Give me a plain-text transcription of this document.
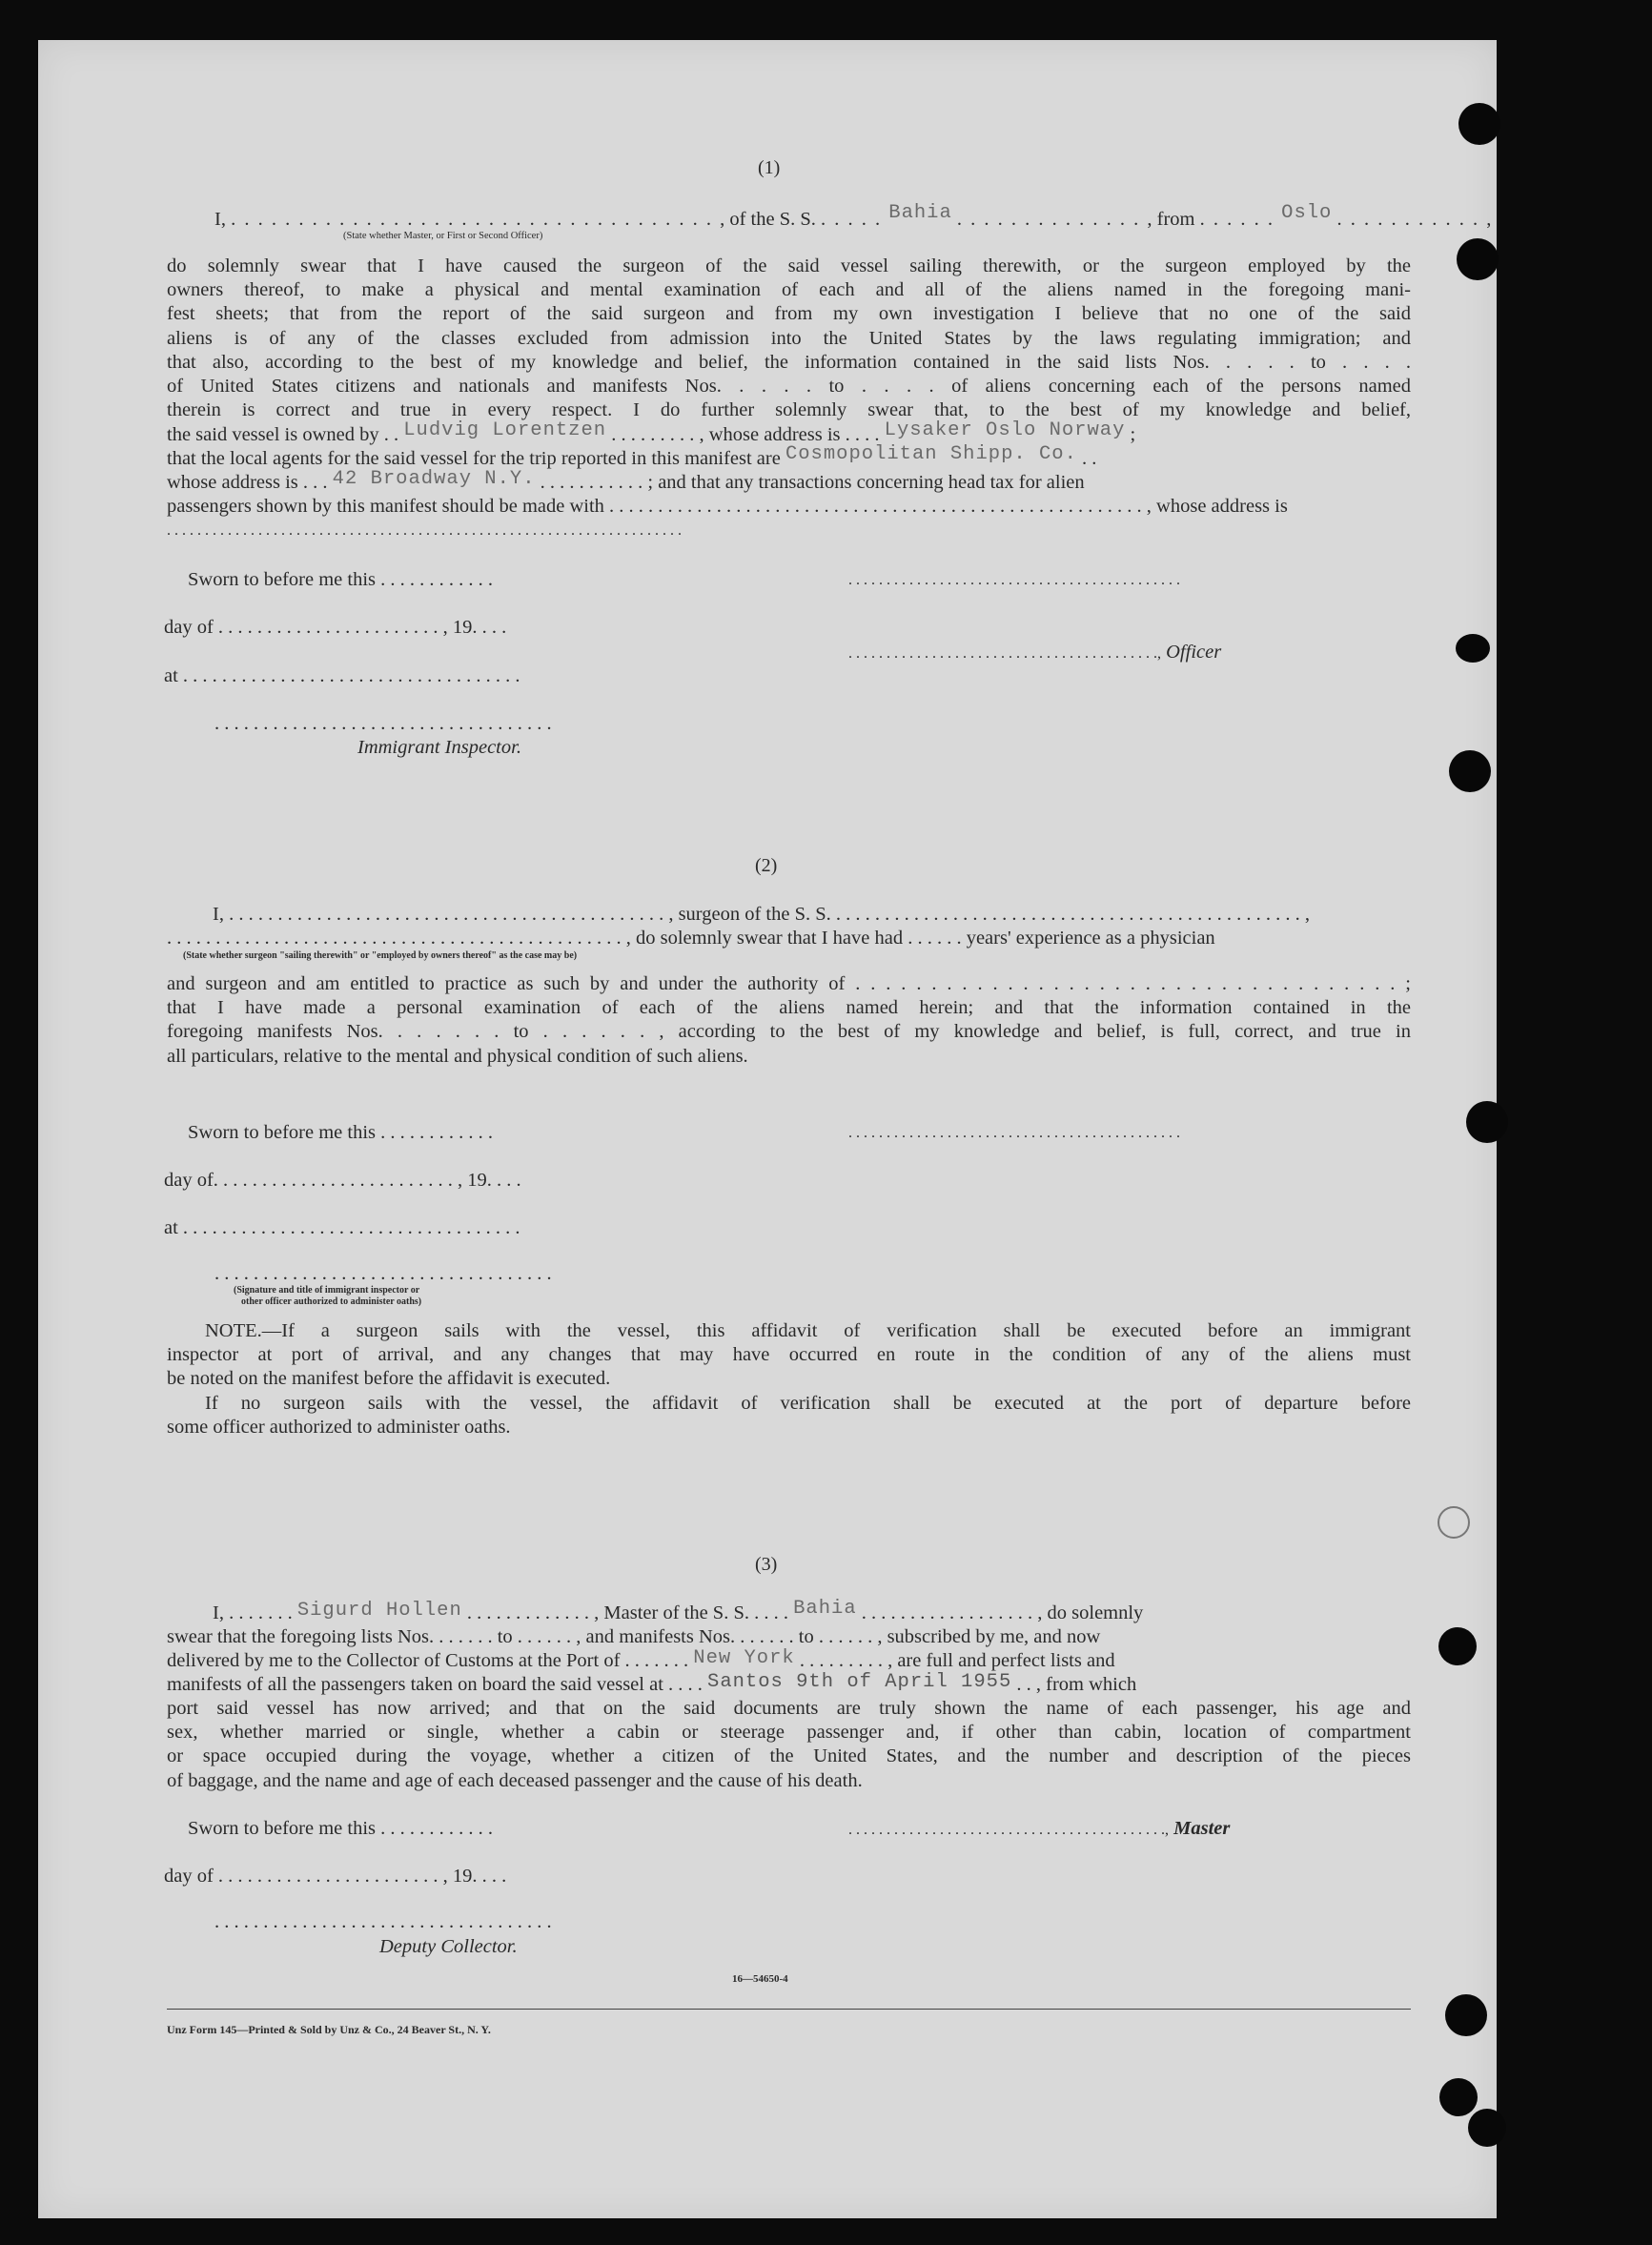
(1)
I, . . . . . . . . . . . . . . . . . . . . . . . . . . . . . . . . . . . . , of the S. S. . . . . . Bahia . . . . . . . . . . . . . . , from . . . . . . Oslo . . . . . . . . . . . ,
(State whether Master, or First or Second Officer)
do solemnly swear that I have caused the surgeon of the said vessel sailing therewith, or the surgeon employed by the
owners thereof, to make a physical and mental examination of each and all of the aliens named in the foregoing mani-
fest sheets; that from the report of the said surgeon and from my own investigation I believe that no one of the said
aliens is of any of the classes excluded from admission into the United States by the laws regulating immigration; and
that also, according to the best of my knowledge and belief, the information contained in the said lists Nos. . . . . to . . . .
of United States citizens and nationals and manifests Nos. . . . . to . . . . of aliens concerning each of the persons named
therein is correct and true in every respect. I do further solemnly swear that, to the best of my knowledge and belief,
the said vessel is owned by . . Ludvig Lorentzen . . . . . . . . . , whose address is . . . . Lysaker Oslo Norway ;
that the local agents for the said vessel for the trip reported in this manifest are Cosmopolitan Shipp. Co. . .
whose address is . . . 42 Broadway N.Y. . . . . . . . . . . . ; and that any transactions concerning head tax for alien
passengers shown by this manifest should be made with . . . . . . . . . . . . . . . . . . . . . . . . . . . . . . . . . . . . . . . . . . . . . . . . . . . . . . . , whose address is
. . . . . . . . . . . . . . . . . . . . . . . . . . . . . . . . . . . . . . . . . . . . . . . . . . . . . . . . . . . . . . . . . . . .
Sworn to before me this . . . . . . . . . . . .	. . . . . . . . . . . . . . . . . . . . . . . . . . . . . . . . . . . . . . . . . . . .
day of . . . . . . . . . . . . . . . . . . . . . . . , 19. . . .
. . . . . . . . . . . . . . . . . . . . . . . . . . . . . . . . . . . . . . . . ., Officer
at . . . . . . . . . . . . . . . . . . . . . . . . . . . . . . . . . . .
. . . . . . . . . . . . . . . . . . . . . . . . . . . . . . . . . . .
Immigrant Inspector.
(2)
I, . . . . . . . . . . . . . . . . . . . . . . . . . . . . . . . . . . . . . . . . . . . . . , surgeon of the S. S. . . . . . . . . . . . . . . . . . . . . . . . . . . . . . . . . . . . . . . . . . . . . . . . . ,
. . . . . . . . . . . . . . . . . . . . . . . . . . . . . . . . . . . . . . . . . . . . . . . , do solemnly swear that I have had . . . . . . years' experience as a physician
(State whether surgeon "sailing therewith" or "employed by owners thereof" as the case may be)
and surgeon and am entitled to practice as such by and under the authority of . . . . . . . . . . . . . . . . . . . . . . . . . . . . . . . . . . . . ;
that I have made a personal examination of each of the aliens named herein; and that the information contained in the
foregoing manifests Nos. . . . . . . to . . . . . . , according to the best of my knowledge and belief, is full, correct, and true in
all particulars, relative to the mental and physical condition of such aliens.
Sworn to before me this . . . . . . . . . . . .	. . . . . . . . . . . . . . . . . . . . . . . . . . . . . . . . . . . . . . . . . . . .
day of. . . . . . . . . . . . . . . . . . . . . . . . . , 19. . . .
at . . . . . . . . . . . . . . . . . . . . . . . . . . . . . . . . . . .
. . . . . . . . . . . . . . . . . . . . . . . . . . . . . . . . . . .
(Signature and title of immigrant inspector or
other officer authorized to administer oaths)
NOTE.—If a surgeon sails with the vessel, this affidavit of verification shall be executed before an immigrant
inspector at port of arrival, and any changes that may have occurred en route in the condition of any of the aliens must
be noted on the manifest before the affidavit is executed.
If no surgeon sails with the vessel, the affidavit of verification shall be executed at the port of departure before
some officer authorized to administer oaths.
(3)
I, . . . . . . . Sigurd Hollen . . . . . . . . . . . . . , Master of the S. S. . . . . Bahia . . . . . . . . . . . . . . . . . . , do solemnly
swear that the foregoing lists Nos. . . . . . . to . . . . . . , and manifests Nos. . . . . . . to . . . . . . , subscribed by me, and now
delivered by me to the Collector of Customs at the Port of . . . . . . . New York . . . . . . . . . , are full and perfect lists and
manifests of all the passengers taken on board the said vessel at . . . . Santos 9th of April 1955 . . , from which
port said vessel has now arrived; and that on the said documents are truly shown the name of each passenger, his age and
sex, whether married or single, whether a cabin or steerage passenger and, if other than cabin, location of compartment
or space occupied during the voyage, whether a citizen of the United States, and the number and description of the pieces
of baggage, and the name and age of each deceased passenger and the cause of his death.
Sworn to before me this . . . . . . . . . . . .	. . . . . . . . . . . . . . . . . . . . . . . . . . . . . . . . . . . . . . . . . ., Master
day of . . . . . . . . . . . . . . . . . . . . . . . , 19. . . .
. . . . . . . . . . . . . . . . . . . . . . . . . . . . . . . . . . .
Deputy Collector.
16—54650-4
Unz Form 145—Printed & Sold by Unz & Co., 24 Beaver St., N. Y.
